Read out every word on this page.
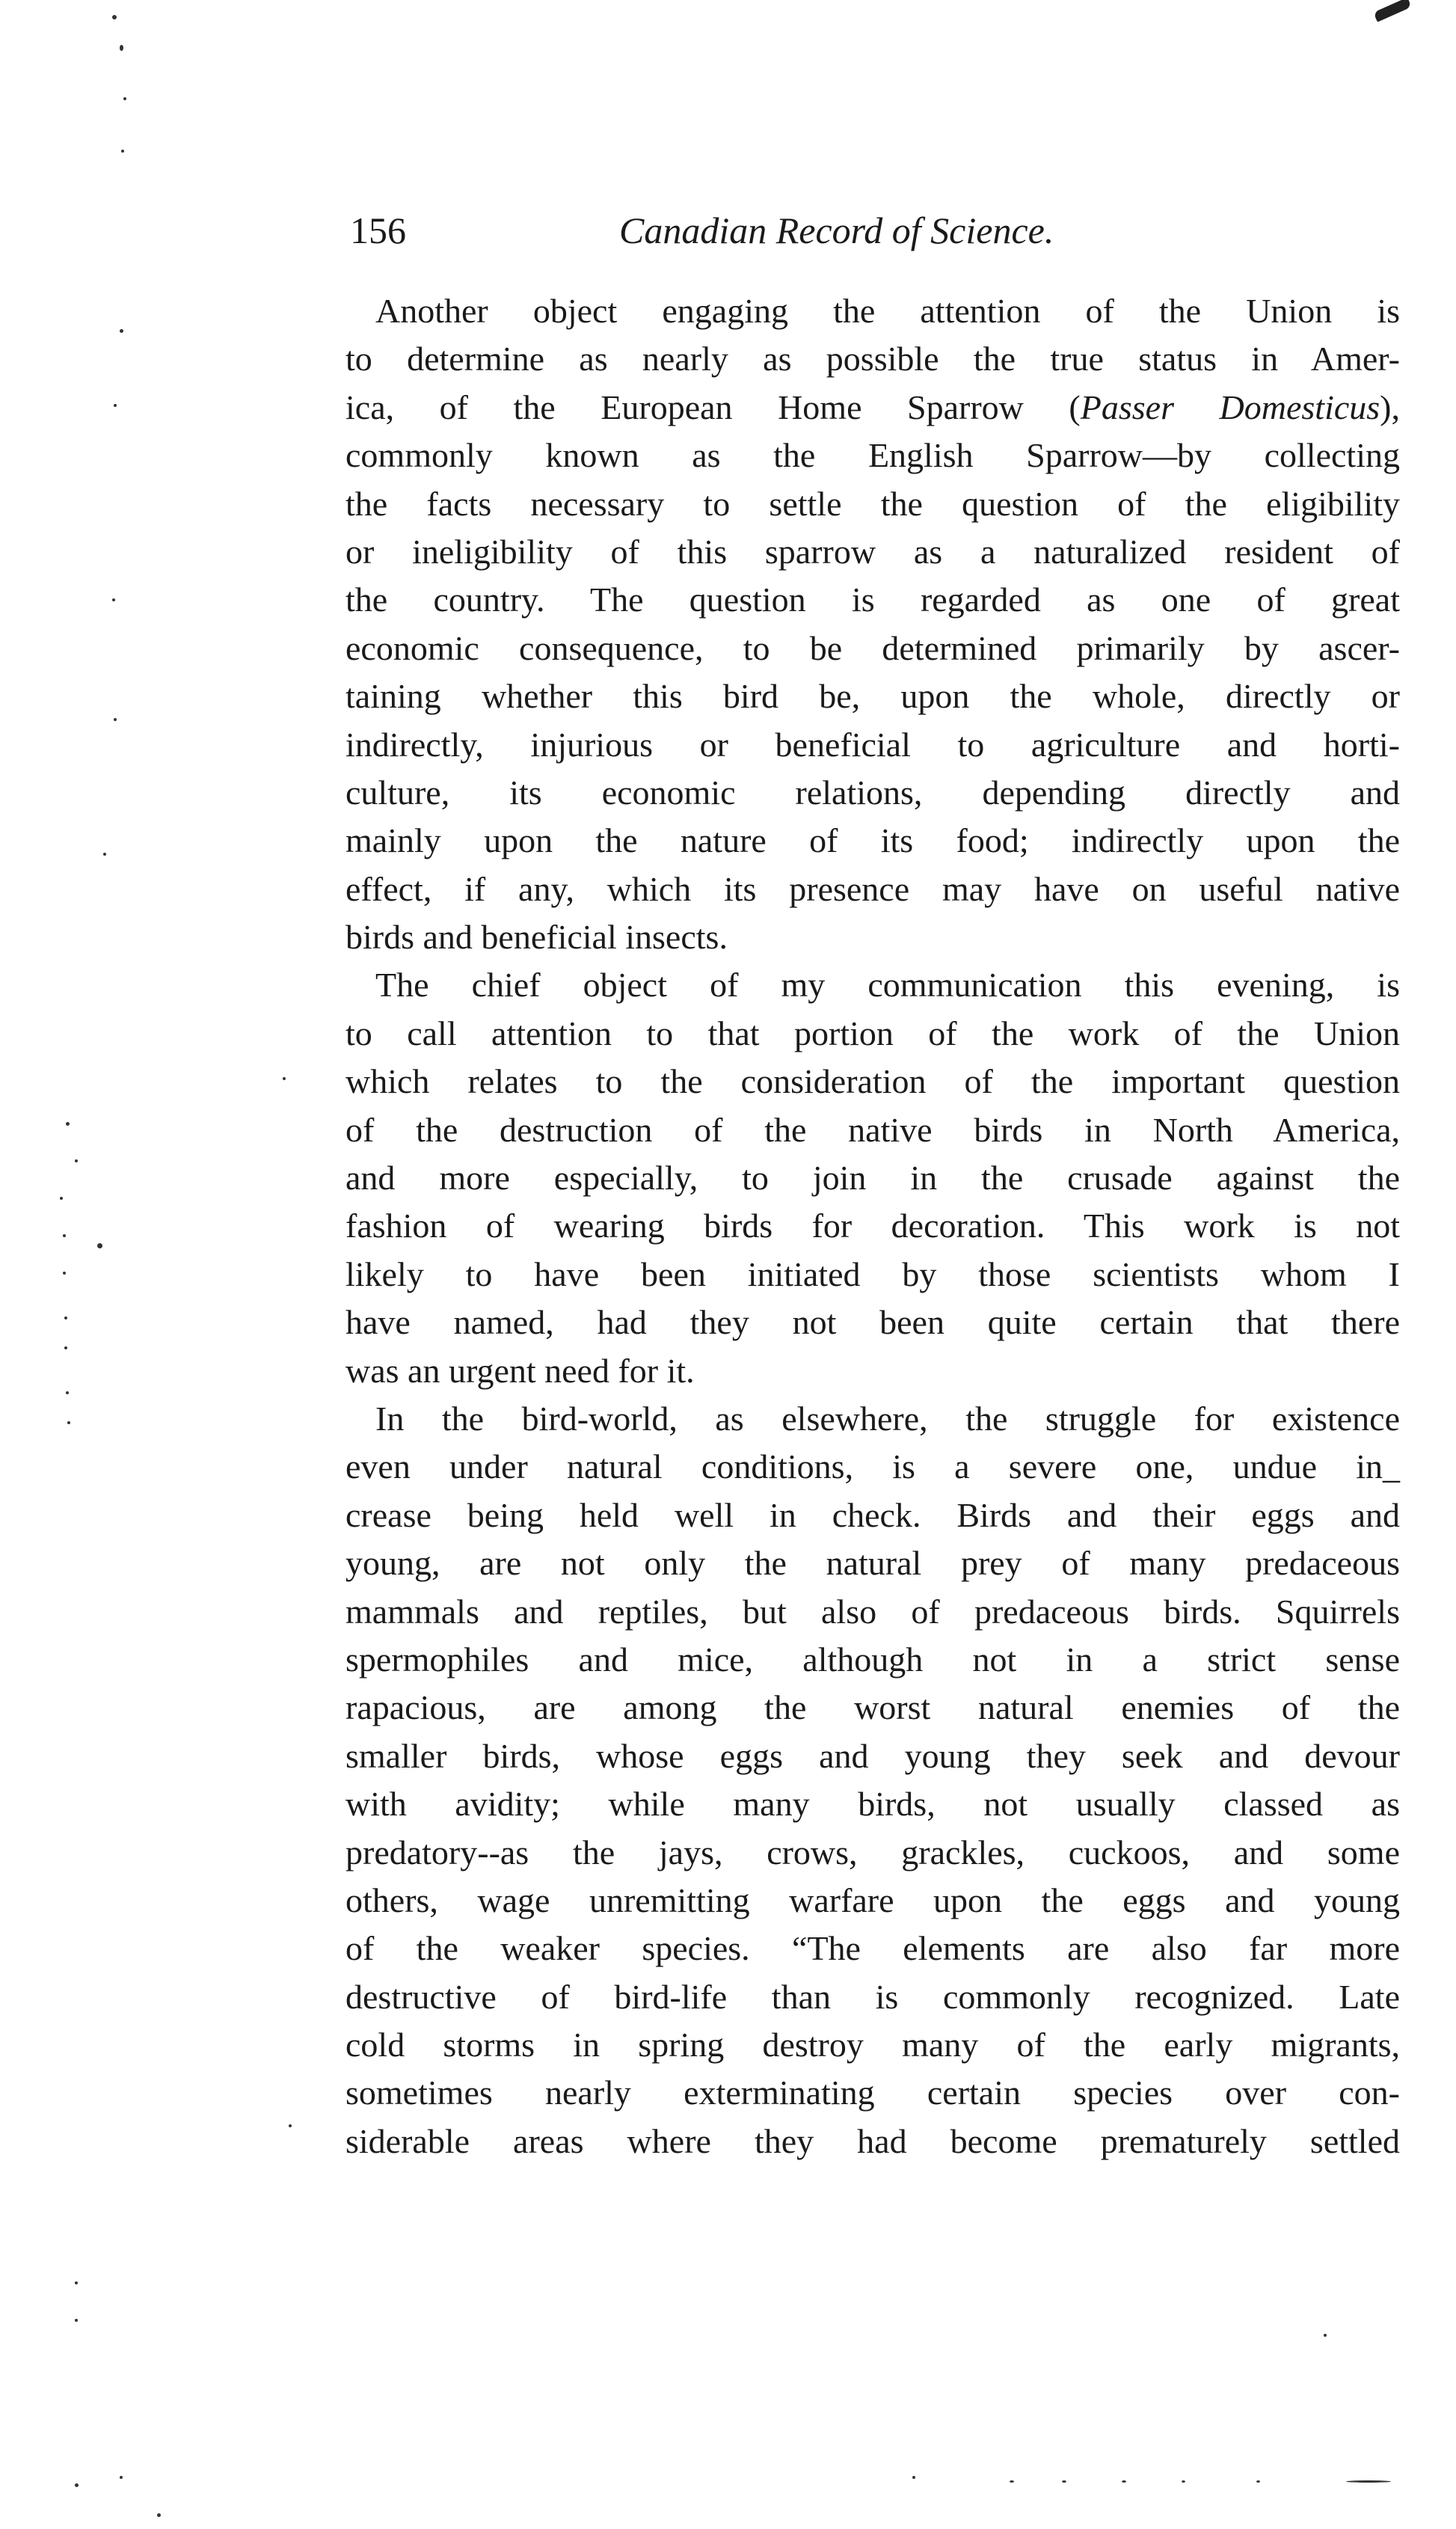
156	Canadian Record of Science.
Another object engaging the attention of the Union is
to determine as nearly as possible the true status in Amer-
ica, of the European Home Sparrow (Passer Domesticus),
commonly known as the English Sparrow—by collecting
the facts necessary to settle the question of the eligibility
or ineligibility of this sparrow as a naturalized resident of
the country. The question is regarded as one of great
economic consequence, to be determined primarily by ascer-
taining whether this bird be, upon the whole, directly or
indirectly, injurious or beneficial to agriculture and horti-
culture, its economic relations, depending directly and
mainly upon the nature of its food; indirectly upon the
effect, if any, which its presence may have on useful native
birds and beneficial insects.
The chief object of my communication this evening, is
to call attention to that portion of the work of the Union
which relates to the consideration of the important question
of the destruction of the native birds in North America,
and more especially, to join in the crusade against the
fashion of wearing birds for decoration. This work is not
likely to have been initiated by those scientists whom I
have named, had they not been quite certain that there
was an urgent need for it.
In the bird-world, as elsewhere, the struggle for existence
even under natural conditions, is a severe one, undue in_
crease being held well in check. Birds and their eggs and
young, are not only the natural prey of many predaceous
mammals and reptiles, but also of predaceous birds. Squirrels
spermophiles and mice, although not in a strict sense
rapacious, are among the worst natural enemies of the
smaller birds, whose eggs and young they seek and devour
with avidity; while many birds, not usually classed as
predatory--as the jays, crows, grackles, cuckoos, and some
others, wage unremitting warfare upon the eggs and young
of the weaker species. “The elements are also far more
destructive of bird-life than is commonly recognized. Late
cold storms in spring destroy many of the early migrants,
sometimes nearly exterminating certain species over con-
siderable areas where they had become prematurely settled
